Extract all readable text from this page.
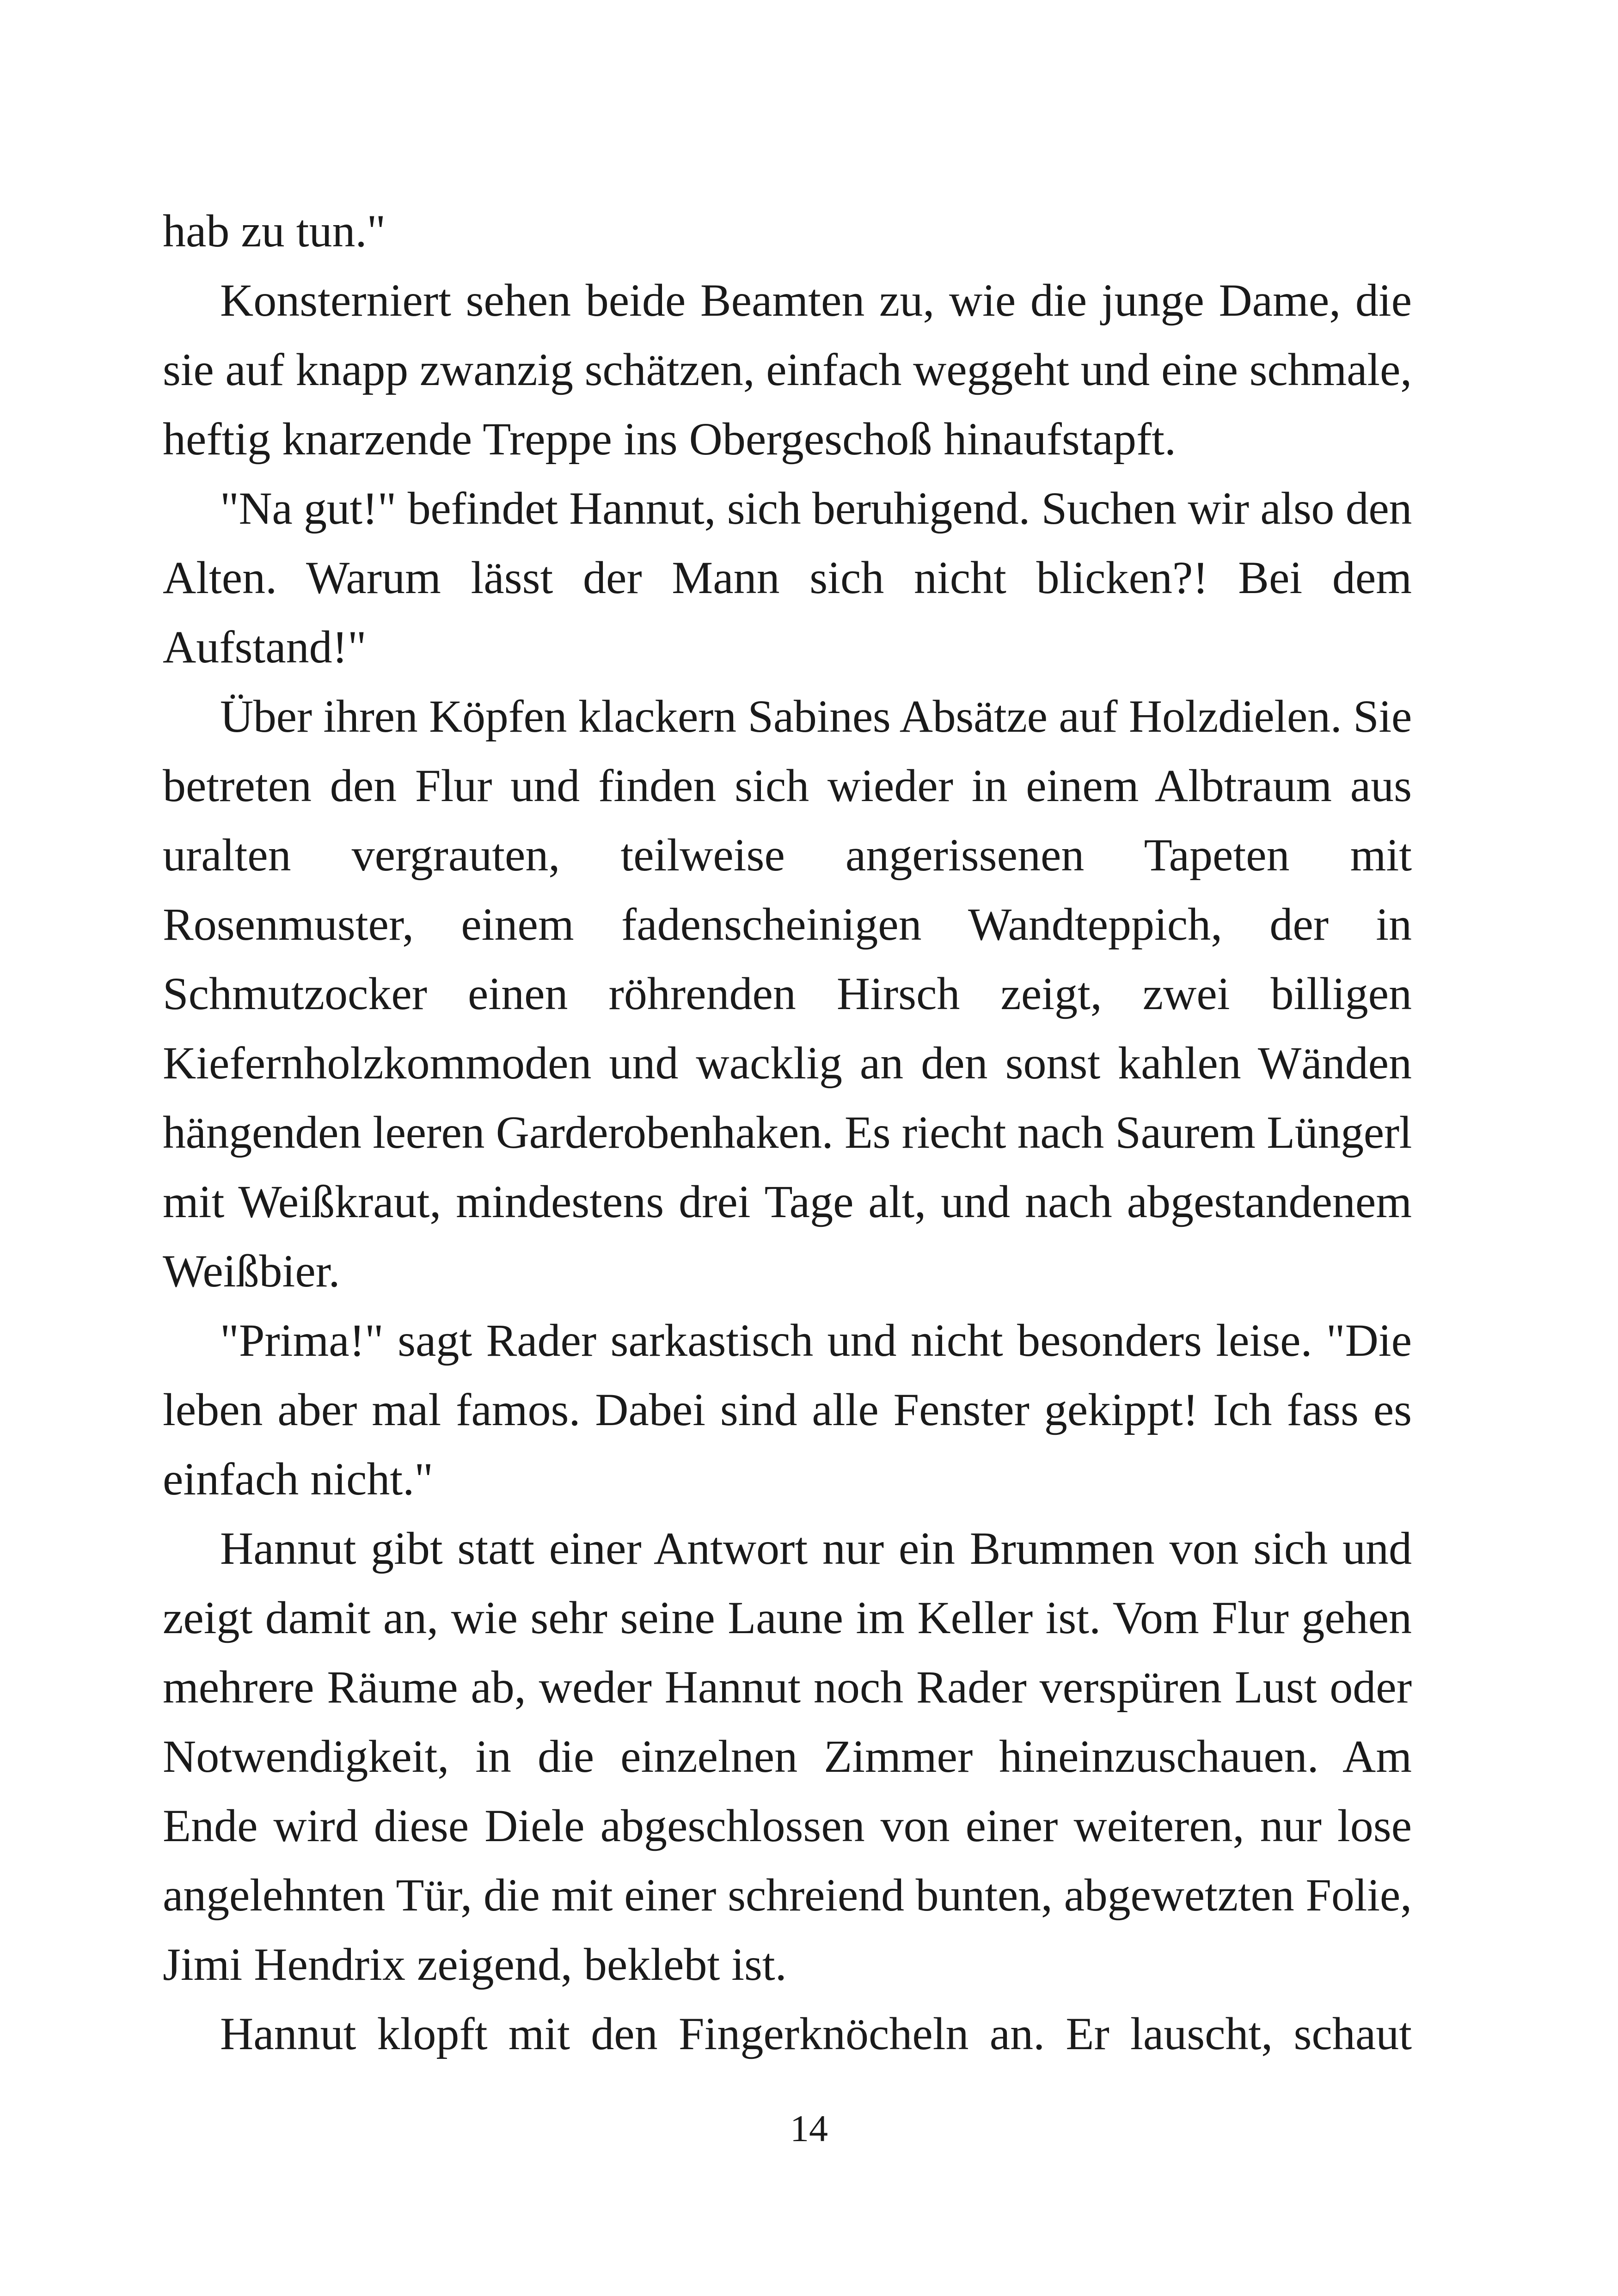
hab zu tun."
Konsterniert sehen beide Beamten zu, wie die junge Dame, die
sie auf knapp zwanzig schätzen, einfach weggeht und eine schmale,
heftig knarzende Treppe ins Obergeschoß hinaufstapft.
"Na gut!" befindet Hannut, sich beruhigend. Suchen wir also den
Alten. Warum lässt der Mann sich nicht blicken?! Bei dem
Aufstand!"
Über ihren Köpfen klackern Sabines Absätze auf Holzdielen. Sie
betreten den Flur und finden sich wieder in einem Albtraum aus
uralten vergrauten, teilweise angerissenen Tapeten mit
Rosenmuster, einem fadenscheinigen Wandteppich, der in
Schmutzocker einen röhrenden Hirsch zeigt, zwei billigen
Kiefernholzkommoden und wacklig an den sonst kahlen Wänden
hängenden leeren Garderobenhaken. Es riecht nach Saurem Lüngerl
mit Weißkraut, mindestens drei Tage alt, und nach abgestandenem
Weißbier.
"Prima!" sagt Rader sarkastisch und nicht besonders leise. "Die
leben aber mal famos. Dabei sind alle Fenster gekippt! Ich fass es
einfach nicht."
Hannut gibt statt einer Antwort nur ein Brummen von sich und
zeigt damit an, wie sehr seine Laune im Keller ist. Vom Flur gehen
mehrere Räume ab, weder Hannut noch Rader verspüren Lust oder
Notwendigkeit, in die einzelnen Zimmer hineinzuschauen. Am
Ende wird diese Diele abgeschlossen von einer weiteren, nur lose
angelehnten Tür, die mit einer schreiend bunten, abgewetzten Folie,
Jimi Hendrix zeigend, beklebt ist.
Hannut klopft mit den Fingerknöcheln an. Er lauscht, schaut
14
